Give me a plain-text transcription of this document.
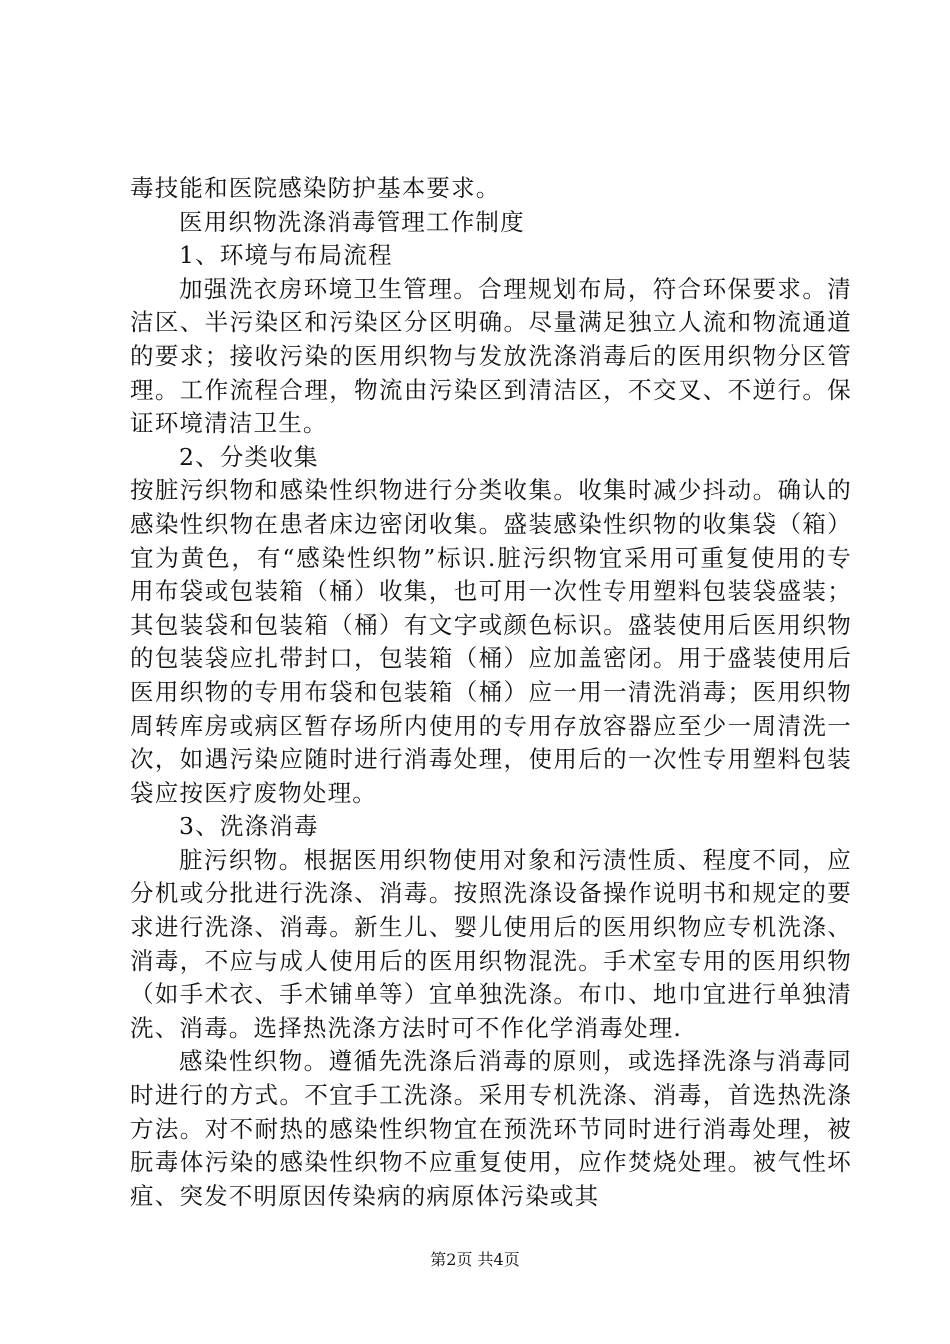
毒技能和医院感染防护基本要求。

医用织物洗涤消毒管理工作制度

1、环境与布局流程

加强洗衣房环境卫生管理。合理规划布局，符合环保要求。清洁区、半污染区和污染区分区明确。尽量满足独立人流和物流通道的要求；接收污染的医用织物与发放洗涤消毒后的医用织物分区管理。工作流程合理，物流由污染区到清洁区，不交叉、不逆行。保证环境清洁卫生。

2、分类收集

按脏污织物和感染性织物进行分类收集。收集时减少抖动。确认的感染性织物在患者床边密闭收集。盛装感染性织物的收集袋（箱）宜为黄色，有“感染性织物”标识.脏污织物宜采用可重复使用的专用布袋或包装箱（桶）收集，也可用一次性专用塑料包装袋盛装；其包装袋和包装箱（桶）有文字或颜色标识。盛装使用后医用织物的包装袋应扎带封口，包装箱（桶）应加盖密闭。用于盛装使用后医用织物的专用布袋和包装箱（桶）应一用一清洗消毒；医用织物周转库房或病区暂存场所内使用的专用存放容器应至少一周清洗一次，如遇污染应随时进行消毒处理，使用后的一次性专用塑料包装袋应按医疗废物处理。

3、洗涤消毒

脏污织物。根据医用织物使用对象和污渍性质、程度不同，应分机或分批进行洗涤、消毒。按照洗涤设备操作说明书和规定的要求进行洗涤、消毒。新生儿、婴儿使用后的医用织物应专机洗涤、消毒，不应与成人使用后的医用织物混洗。手术室专用的医用织物（如手术衣、手术铺单等）宜单独洗涤。布巾、地巾宜进行单独清洗、消毒。选择热洗涤方法时可不作化学消毒处理.

感染性织物。遵循先洗涤后消毒的原则，或选择洗涤与消毒同时进行的方式。不宜手工洗涤。采用专机洗涤、消毒，首选热洗涤方法。对不耐热的感染性织物宜在预洗环节同时进行消毒处理，被朊毒体污染的感染性织物不应重复使用，应作焚烧处理。被气性坏疽、突发不明原因传染病的病原体污染或其

第2页 共4页
